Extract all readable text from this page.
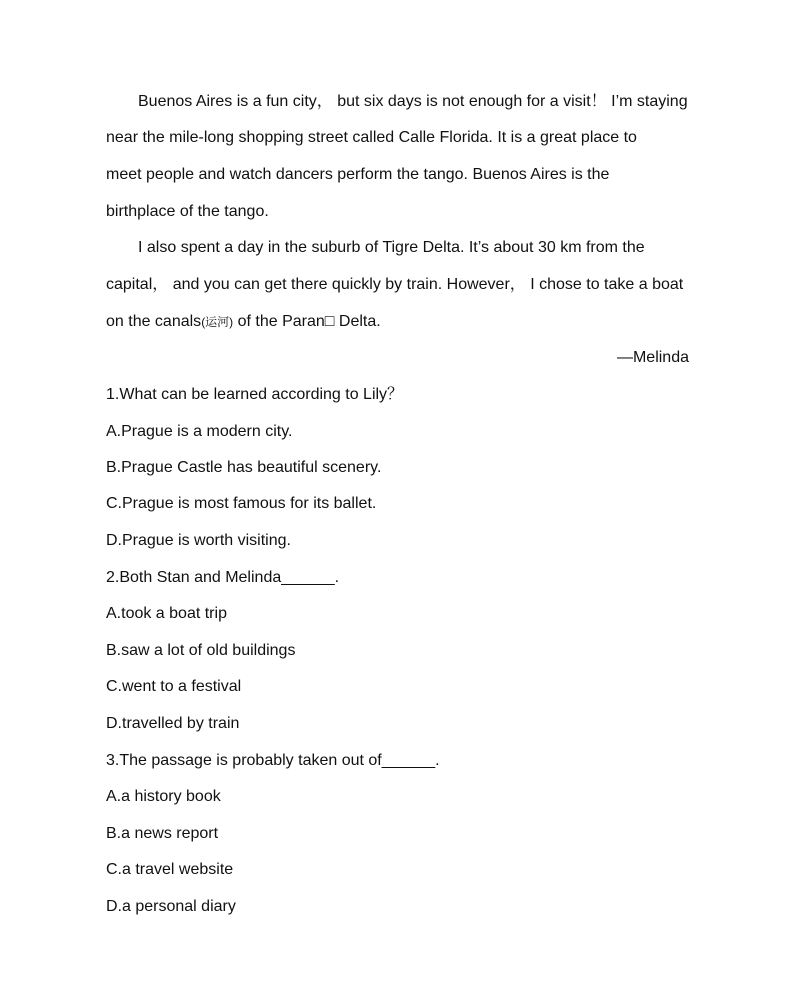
Buenos Aires is a fun city， but six days is not enough for a visit！ I’m staying
near the mile-long shopping street called Calle Florida. It is a great place to
meet people and watch dancers perform the tango. Buenos Aires is the
birthplace of the tango.
I also spent a day in the suburb of Tigre Delta. It’s about 30 km from the
capital， and you can get there quickly by train. However， I chose to take a boat
on the canals(运河) of the Paran□ Delta.
—Melinda
1.What can be learned according to Lily？
A.Prague is a modern city.
B.Prague Castle has beautiful scenery.
C.Prague is most famous for its ballet.
D.Prague is worth visiting.
2.Both Stan and Melinda______.
A.took a boat trip
B.saw a lot of old buildings
C.went to a festival
D.travelled by train
3.The passage is probably taken out of______.
A.a history book
B.a news report
C.a travel website
D.a personal diary
